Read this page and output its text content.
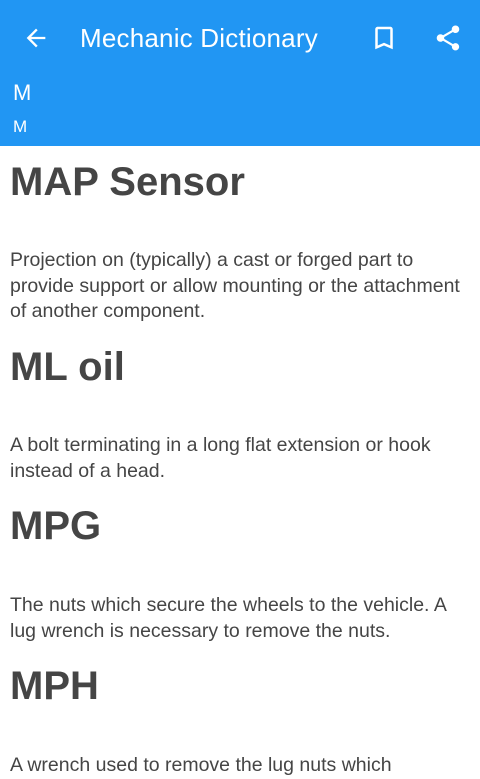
Mechanic Dictionary
M
M
MAP Sensor

Projection on (typically) a cast or forged part to provide support or allow mounting or the attachment of another component.

ML oil

A bolt terminating in a long flat extension or hook instead of a head.

MPG

The nuts which secure the wheels to the vehicle. A lug wrench is necessary to remove the nuts.

MPH

A wrench used to remove the lug nuts which
